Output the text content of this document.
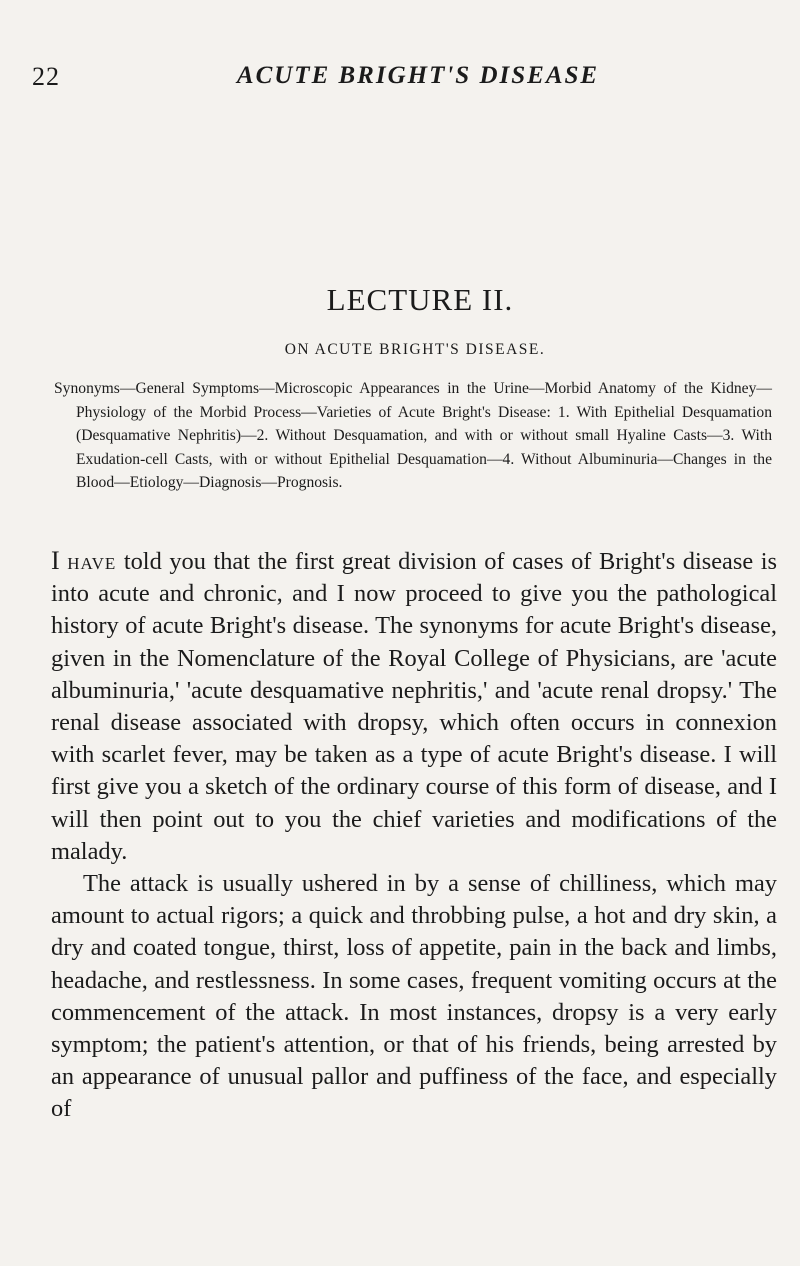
22	ACUTE BRIGHT'S DISEASE
LECTURE II.
ON ACUTE BRIGHT'S DISEASE.
Synonyms—General Symptoms—Microscopic Appearances in the Urine—Morbid Anatomy of the Kidney—Physiology of the Morbid Process—Varieties of Acute Bright's Disease: 1. With Epithelial Desquamation (Desquamative Nephritis)—2. Without Desquamation, and with or without small Hyaline Casts—3. With Exudation-cell Casts, with or without Epithelial Desquamation—4. Without Albuminuria—Changes in the Blood—Etiology—Diagnosis—Prognosis.

I have told you that the first great division of cases of Bright's disease is into acute and chronic, and I now proceed to give you the pathological history of acute Bright's disease. The synonyms for acute Bright's disease, given in the Nomenclature of the Royal College of Physicians, are 'acute albuminuria,' 'acute desquamative nephritis,' and 'acute renal dropsy.' The renal disease associated with dropsy, which often occurs in connexion with scarlet fever, may be taken as a type of acute Bright's disease. I will first give you a sketch of the ordinary course of this form of disease, and I will then point out to you the chief varieties and modifications of the malady.

The attack is usually ushered in by a sense of chilliness, which may amount to actual rigors; a quick and throbbing pulse, a hot and dry skin, a dry and coated tongue, thirst, loss of appetite, pain in the back and limbs, headache, and restlessness. In some cases, frequent vomiting occurs at the commencement of the attack. In most instances, dropsy is a very early symptom; the patient's attention, or that of his friends, being arrested by an appearance of unusual pallor and puffiness of the face, and especially of
